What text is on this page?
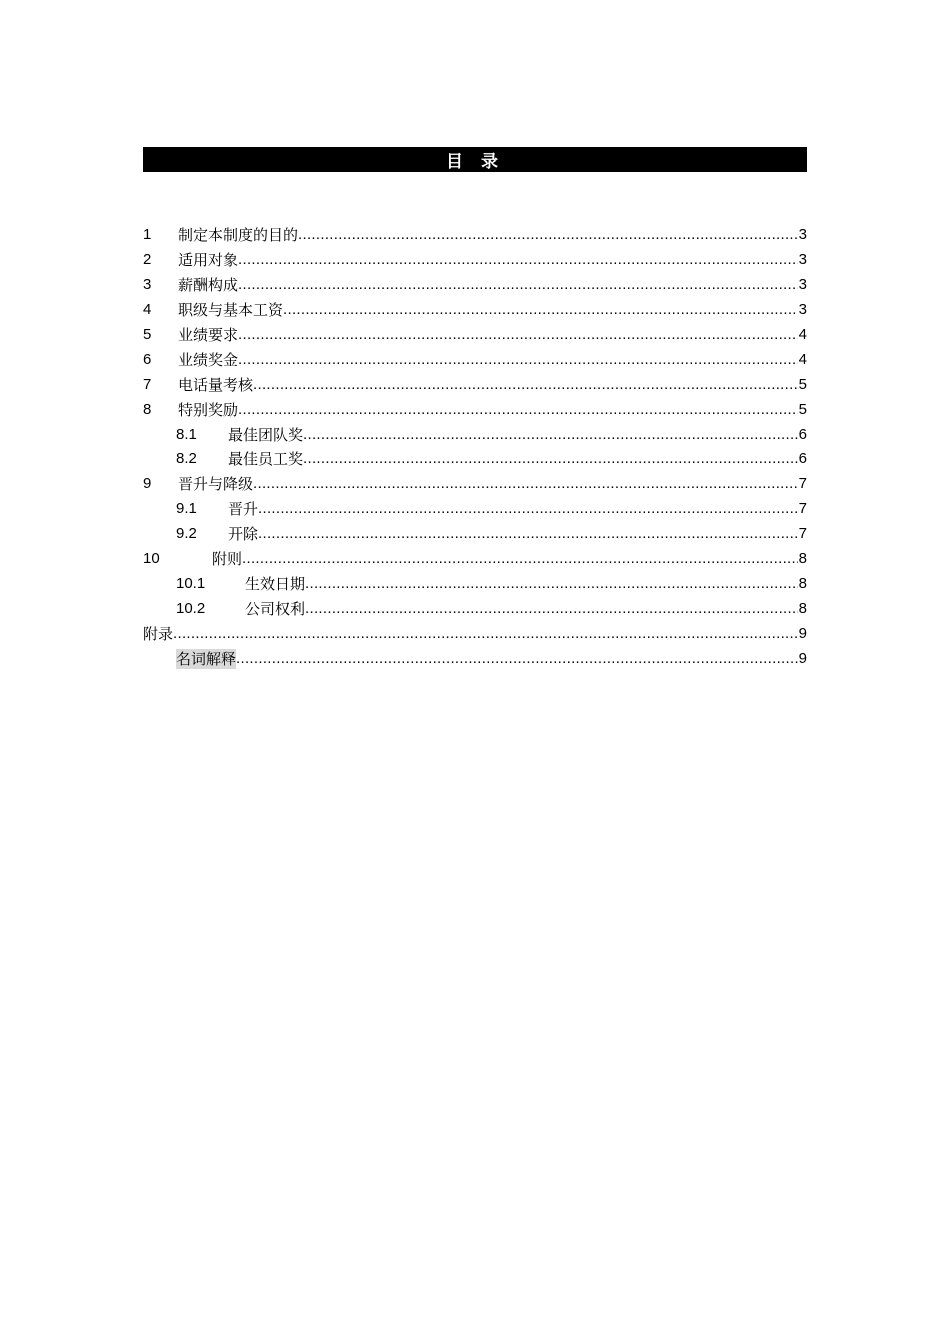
目 录
1	制定本制度的目的 .....	3
2	适用对象 .....	3
3	薪酬构成 .....	3
4	职级与基本工资 .....	3
5	业绩要求 .....	4
6	业绩奖金 .....	4
7	电话量考核 .....	5
8	特别奖励 .....	5
8.1	最佳团队奖 .....	6
8.2	最佳员工奖 .....	6
9	晋升与降级 .....	7
9.1	晋升 .....	7
9.2	开除 .....	7
10	附则 .....	8
10.1	生效日期 .....	8
10.2	公司权利 .....	8
附录 .....	9
名词解释 .....	9
